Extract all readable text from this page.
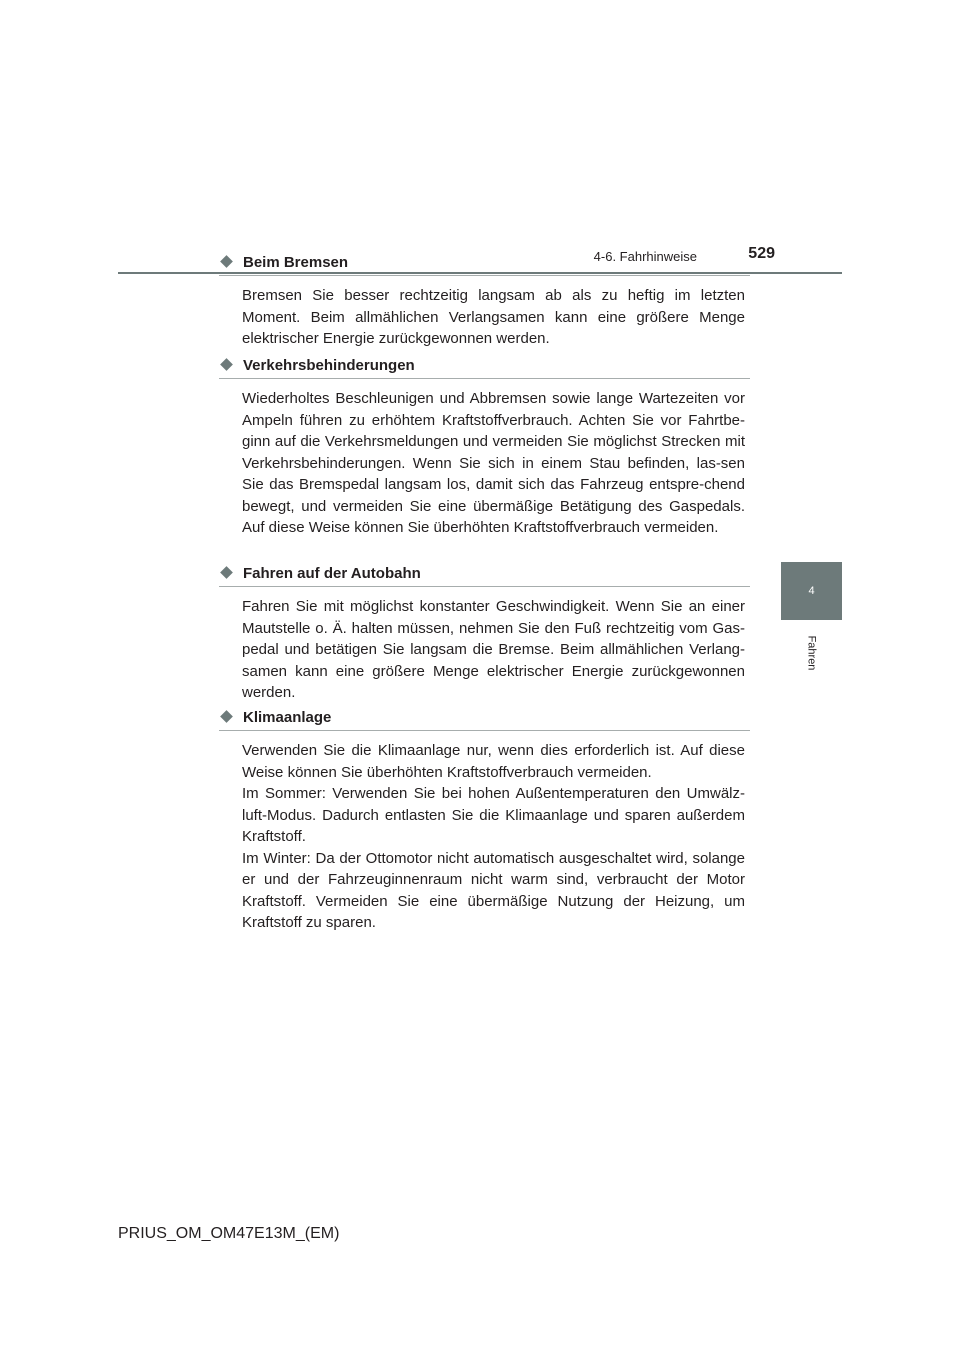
4-6. Fahrhinweise	529
4
Fahren
Beim Bremsen

Bremsen Sie besser rechtzeitig langsam ab als zu heftig im letzten Moment. Beim allmählichen Verlangsamen kann eine größere Menge elektrischer Energie zurückgewonnen werden.

Verkehrsbehinderungen

Wiederholtes Beschleunigen und Abbremsen sowie lange Wartezeiten vor Ampeln führen zu erhöhtem Kraftstoffverbrauch. Achten Sie vor Fahrtbe-ginn auf die Verkehrsmeldungen und vermeiden Sie möglichst Strecken mit Verkehrsbehinderungen. Wenn Sie sich in einem Stau befinden, las-sen Sie das Bremspedal langsam los, damit sich das Fahrzeug entspre-chend bewegt, und vermeiden Sie eine übermäßige Betätigung des Gaspedals. Auf diese Weise können Sie überhöhten Kraftstoffverbrauch vermeiden.

Fahren auf der Autobahn

Fahren Sie mit möglichst konstanter Geschwindigkeit. Wenn Sie an einer Mautstelle o. Ä. halten müssen, nehmen Sie den Fuß rechtzeitig vom Gas-pedal und betätigen Sie langsam die Bremse. Beim allmählichen Verlang-samen kann eine größere Menge elektrischer Energie zurückgewonnen werden.

Klimaanlage

Verwenden Sie die Klimaanlage nur, wenn dies erforderlich ist. Auf diese Weise können Sie überhöhten Kraftstoffverbrauch vermeiden.

Im Sommer: Verwenden Sie bei hohen Außentemperaturen den Umwälz-luft-Modus. Dadurch entlasten Sie die Klimaanlage und sparen außerdem Kraftstoff.

Im Winter: Da der Ottomotor nicht automatisch ausgeschaltet wird, solange er und der Fahrzeuginnenraum nicht warm sind, verbraucht der Motor Kraftstoff. Vermeiden Sie eine übermäßige Nutzung der Heizung, um Kraftstoff zu sparen.

PRIUS_OM_OM47E13M_(EM)
